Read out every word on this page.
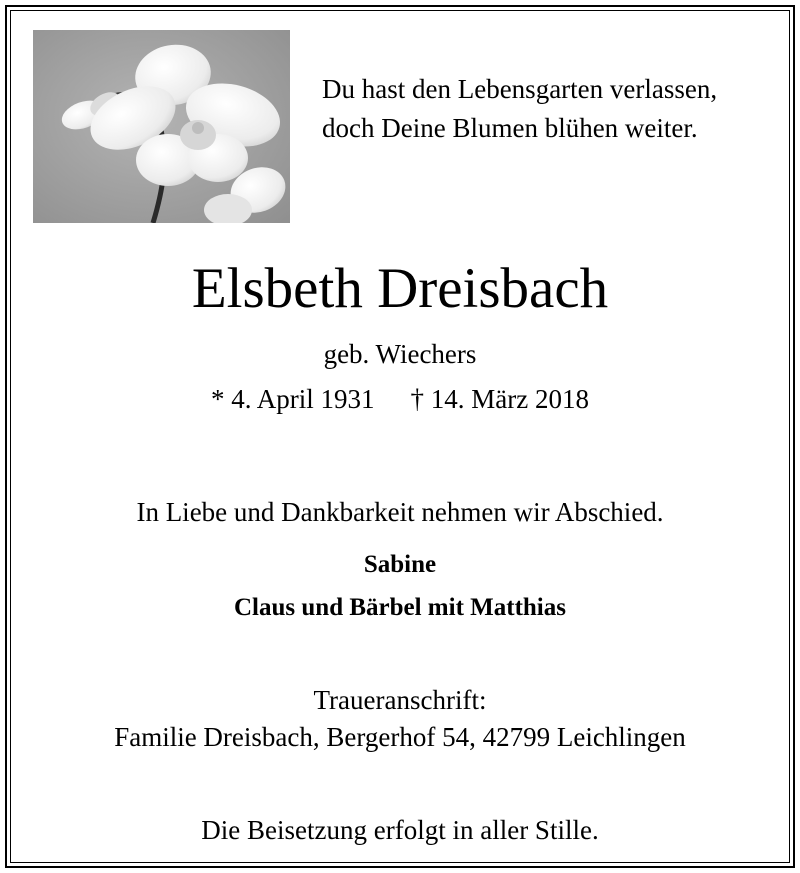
Du hast den Lebensgarten verlassen,
doch Deine Blumen blühen weiter.
Elsbeth Dreisbach
geb. Wiechers
* 4. April 1931 † 14. März 2018
In Liebe und Dankbarkeit nehmen wir Abschied.
Sabine
Claus und Bärbel mit Matthias
Traueranschrift:
Familie Dreisbach, Bergerhof 54, 42799 Leichlingen
Die Beisetzung erfolgt in aller Stille.
